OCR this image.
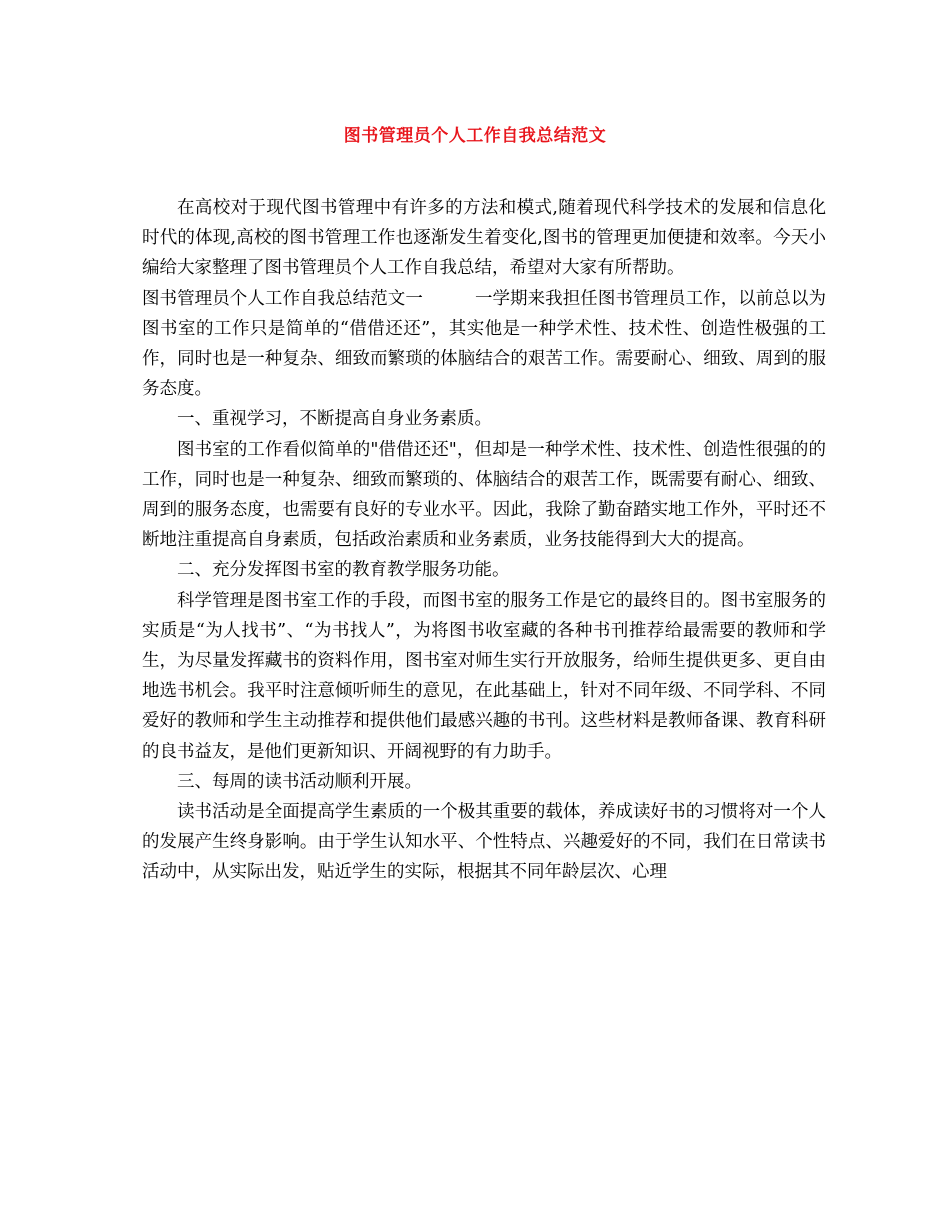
图书管理员个人工作自我总结范文

在高校对于现代图书管理中有许多的方法和模式,随着现代科学技术的发展和信息化时代的体现,高校的图书管理工作也逐渐发生着变化,图书的管理更加便捷和效率。今天小编给大家整理了图书管理员个人工作自我总结，希望对大家有所帮助。

图书管理员个人工作自我总结范文一	一学期来我担任图书管理员工作，以前总以为图书室的工作只是简单的“借借还还”，其实他是一种学术性、技术性、创造性极强的工作，同时也是一种复杂、细致而繁琐的体脑结合的艰苦工作。需要耐心、细致、周到的服务态度。

一、重视学习，不断提高自身业务素质。

图书室的工作看似简单的"借借还还"，但却是一种学术性、技术性、创造性很强的的工作，同时也是一种复杂、细致而繁琐的、体脑结合的艰苦工作，既需要有耐心、细致、周到的服务态度，也需要有良好的专业水平。因此，我除了勤奋踏实地工作外，平时还不断地注重提高自身素质，包括政治素质和业务素质，业务技能得到大大的提高。

二、充分发挥图书室的教育教学服务功能。

科学管理是图书室工作的手段，而图书室的服务工作是它的最终目的。图书室服务的实质是“为人找书”、“为书找人”，为将图书收室藏的各种书刊推荐给最需要的教师和学生，为尽量发挥藏书的资料作用，图书室对师生实行开放服务，给师生提供更多、更自由地选书机会。我平时注意倾听师生的意见，在此基础上，针对不同年级、不同学科、不同爱好的教师和学生主动推荐和提供他们最感兴趣的书刊。这些材料是教师备课、教育科研的良书益友，是他们更新知识、开阔视野的有力助手。

三、每周的读书活动顺利开展。

读书活动是全面提高学生素质的一个极其重要的载体，养成读好书的习惯将对一个人的发展产生终身影响。由于学生认知水平、个性特点、兴趣爱好的不同，我们在日常读书活动中，从实际出发，贴近学生的实际，根据其不同年龄层次、心理
